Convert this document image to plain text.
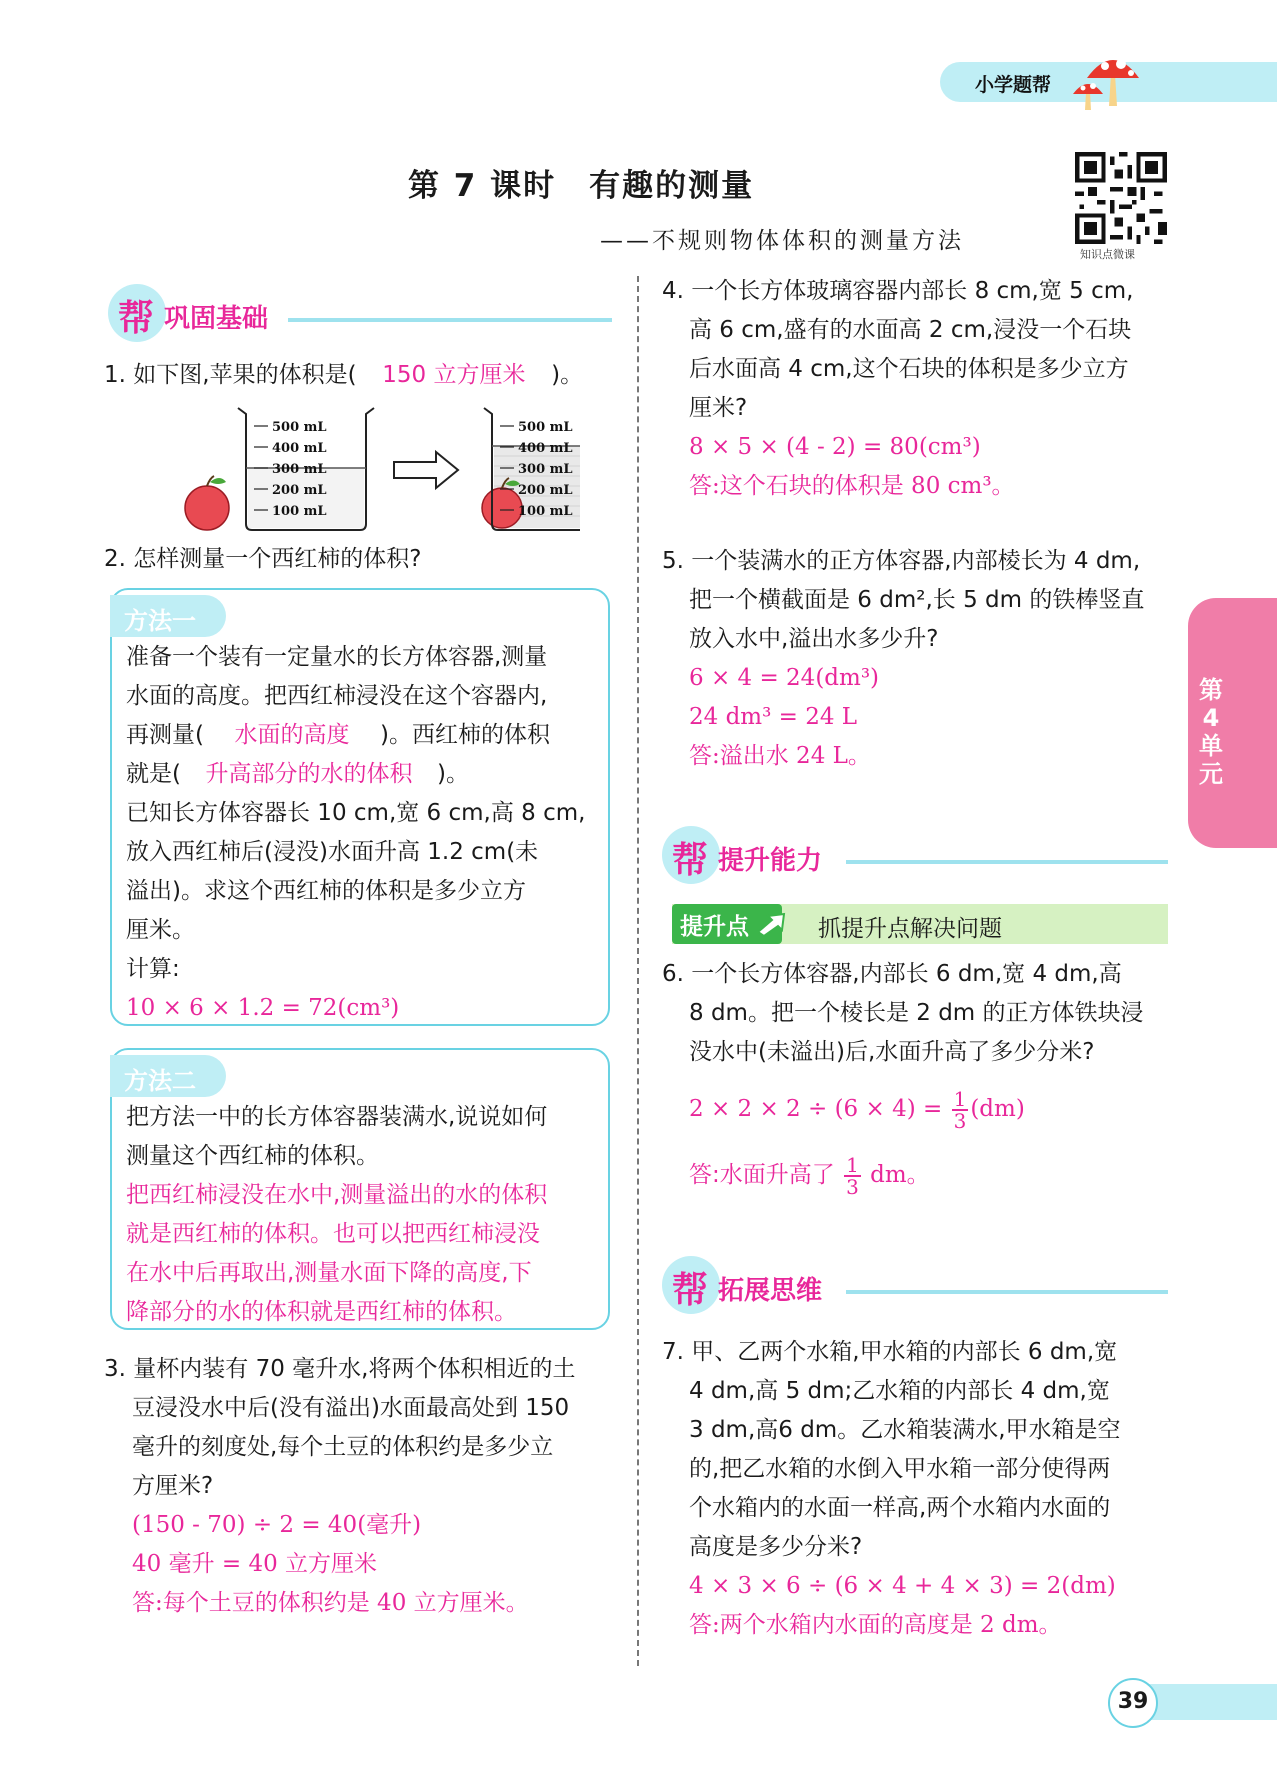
小学题帮
第 7 课时　有趣的测量
——不规则物体体积的测量方法
知识点微课
帮 巩固基础
1. 如下图,苹果的体积是( 150 立方厘米 )。
500 mL
400 mL
300 mL
200 mL
100 mL
500 mL
400 mL
300 mL
200 mL
100 mL
2. 怎样测量一个西红柿的体积?
方法一
准备一个装有一定量水的长方体容器,测量
水面的高度。把西红柿浸没在这个容器内,
再测量( 水面的高度 )。西红柿的体积
就是( 升高部分的水的体积 )。
已知长方体容器长 10 cm,宽 6 cm,高 8 cm,
放入西红柿后(浸没)水面升高 1.2 cm(未
溢出)。求这个西红柿的体积是多少立方
厘米。
计算:
10 × 6 × 1.2 = 72(cm³)
方法二
把方法一中的长方体容器装满水,说说如何
测量这个西红柿的体积。
把西红柿浸没在水中,测量溢出的水的体积
就是西红柿的体积。也可以把西红柿浸没
在水中后再取出,测量水面下降的高度,下
降部分的水的体积就是西红柿的体积。
3. 量杯内装有 70 毫升水,将两个体积相近的土
豆浸没水中后(没有溢出)水面最高处到 150
毫升的刻度处,每个土豆的体积约是多少立
方厘米?
(150 - 70) ÷ 2 = 40(毫升)
40 毫升 = 40 立方厘米
答:每个土豆的体积约是 40 立方厘米。
4. 一个长方体玻璃容器内部长 8 cm,宽 5 cm,
高 6 cm,盛有的水面高 2 cm,浸没一个石块
后水面高 4 cm,这个石块的体积是多少立方
厘米?
8 × 5 × (4 - 2) = 80(cm³)
答:这个石块的体积是 80 cm³。
5. 一个装满水的正方体容器,内部棱长为 4 dm,
把一个横截面是 6 dm²,长 5 dm 的铁棒竖直
放入水中,溢出水多少升?
6 × 4 = 24(dm³)
24 dm³ = 24 L
答:溢出水 24 L。
帮 提升能力
提升点	抓提升点解决问题
6. 一个长方体容器,内部长 6 dm,宽 4 dm,高
8 dm。把一个棱长是 2 dm 的正方体铁块浸
没水中(未溢出)后,水面升高了多少分米?
$2 \times 2 \times 2 \div (6 \times 4) = \frac{1}{3} (dm)$
答:水面升高了 $\frac{1}{3}$ dm。
帮 拓展思维
7. 甲、乙两个水箱,甲水箱的内部长 6 dm,宽
4 dm,高 5 dm;乙水箱的内部长 4 dm,宽
3 dm,高6 dm。乙水箱装满水,甲水箱是空
的,把乙水箱的水倒入甲水箱一部分使得两
个水箱内的水面一样高,两个水箱内水面的
高度是多少分米?
4 × 3 × 6 ÷ (6 × 4 + 4 × 3) = 2(dm)
答:两个水箱内水面的高度是 2 dm。
第
4
单
元
39
